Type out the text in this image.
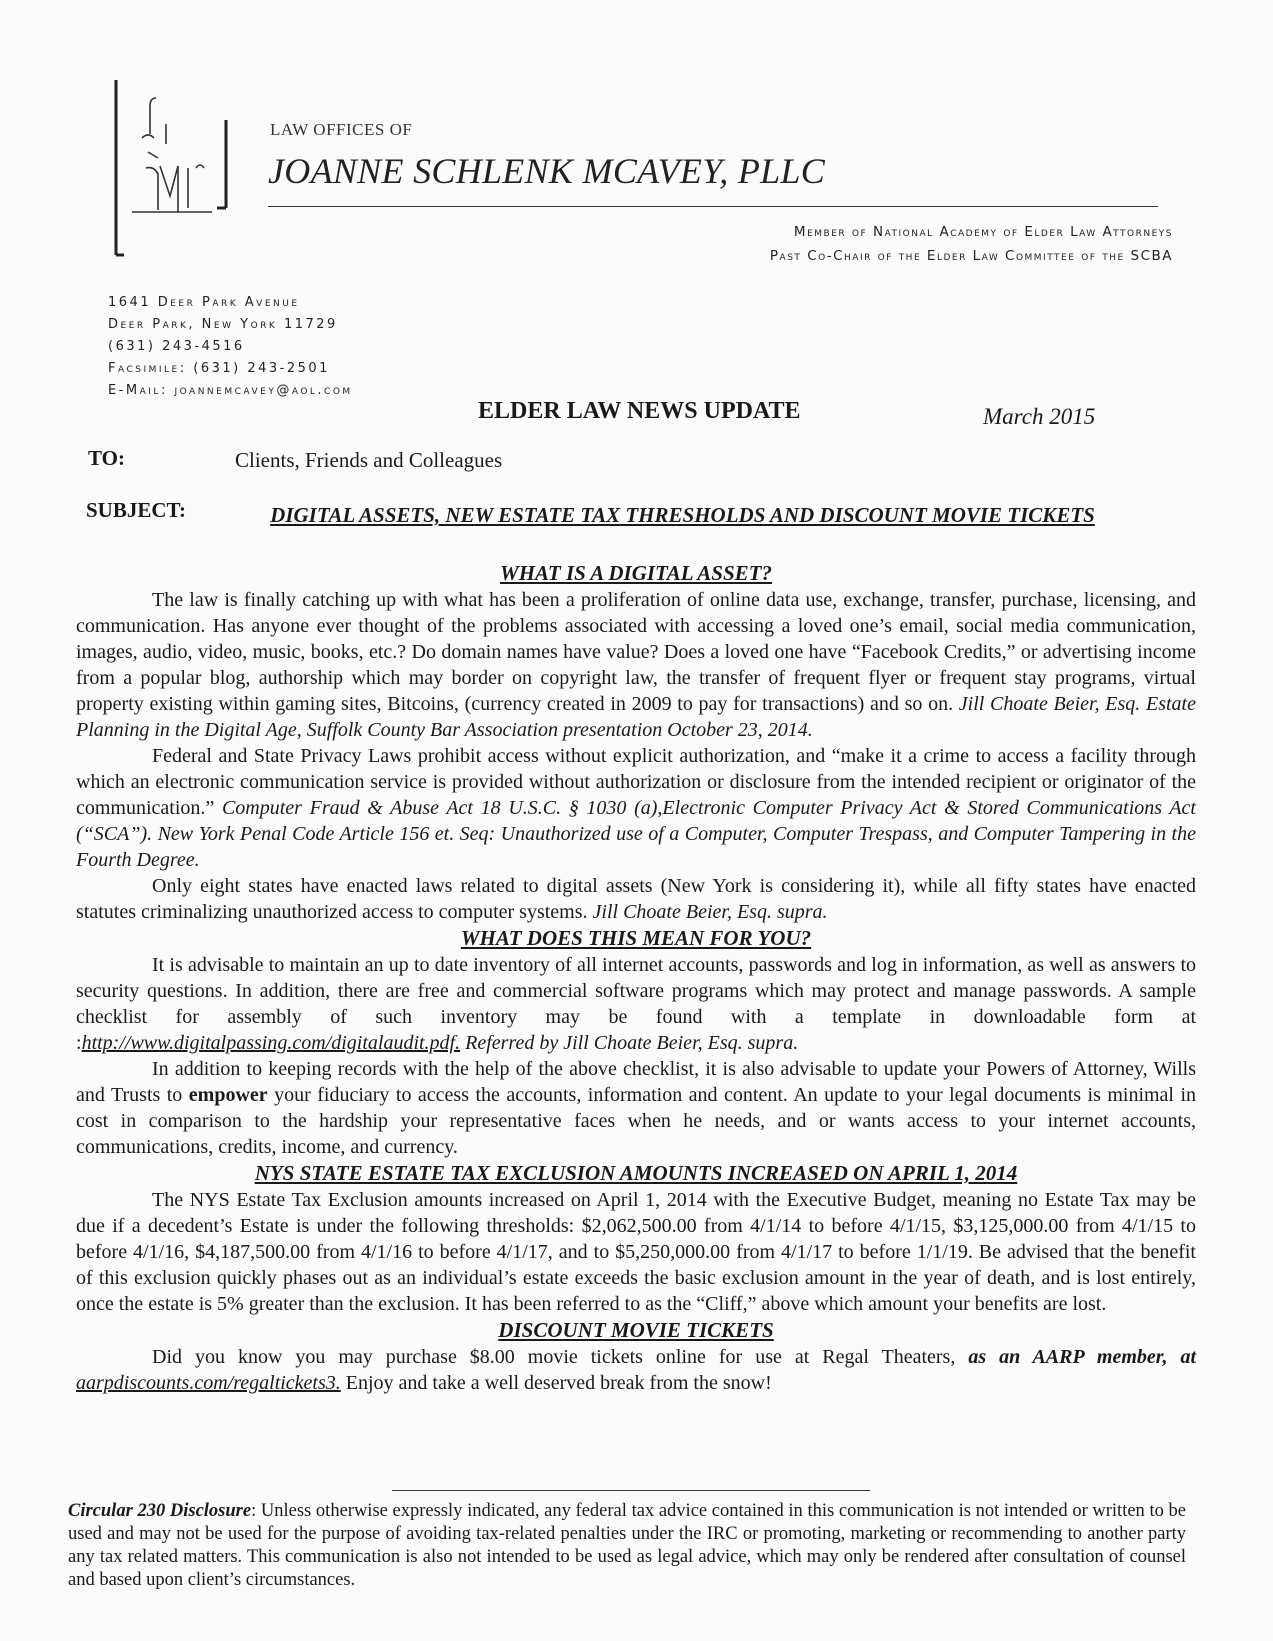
LAW OFFICES OF
JOANNE SCHLENK MCAVEY, PLLC
Member of National Academy of Elder Law Attorneys
Past Co-Chair of the Elder Law Committee of the SCBA
1641 Deer Park Avenue
Deer Park, New York 11729
(631) 243-4516
Facsimile: (631) 243-2501
E-Mail: joannemcavey@aol.com
ELDER LAW NEWS UPDATE	March 2015
TO:	Clients, Friends and Colleagues
SUBJECT:	DIGITAL ASSETS, NEW ESTATE TAX THRESHOLDS AND DISCOUNT MOVIE TICKETS
WHAT IS A DIGITAL ASSET?

The law is finally catching up with what has been a proliferation of online data use, exchange, transfer, purchase, licensing, and communication. Has anyone ever thought of the problems associated with accessing a loved one’s email, social media communication, images, audio, video, music, books, etc.? Do domain names have value? Does a loved one have “Facebook Credits,” or advertising income from a popular blog, authorship which may border on copyright law, the transfer of frequent flyer or frequent stay programs, virtual property existing within gaming sites, Bitcoins, (currency created in 2009 to pay for transactions) and so on. Jill Choate Beier, Esq. Estate Planning in the Digital Age, Suffolk County Bar Association presentation October 23, 2014.

Federal and State Privacy Laws prohibit access without explicit authorization, and “make it a crime to access a facility through which an electronic communication service is provided without authorization or disclosure from the intended recipient or originator of the communication.” Computer Fraud & Abuse Act 18 U.S.C. § 1030 (a),Electronic Computer Privacy Act & Stored Communications Act (“SCA”). New York Penal Code Article 156 et. Seq: Unauthorized use of a Computer, Computer Trespass, and Computer Tampering in the Fourth Degree.

Only eight states have enacted laws related to digital assets (New York is considering it), while all fifty states have enacted statutes criminalizing unauthorized access to computer systems. Jill Choate Beier, Esq. supra.

WHAT DOES THIS MEAN FOR YOU?

It is advisable to maintain an up to date inventory of all internet accounts, passwords and log in information, as well as answers to security questions. In addition, there are free and commercial software programs which may protect and manage passwords. A sample checklist for assembly of such inventory may be found with a template in downloadable form at :http://www.digitalpassing.com/digitalaudit.pdf. Referred by Jill Choate Beier, Esq. supra.

In addition to keeping records with the help of the above checklist, it is also advisable to update your Powers of Attorney, Wills and Trusts to empower your fiduciary to access the accounts, information and content. An update to your legal documents is minimal in cost in comparison to the hardship your representative faces when he needs, and or wants access to your internet accounts, communications, credits, income, and currency.

NYS STATE ESTATE TAX EXCLUSION AMOUNTS INCREASED ON APRIL 1, 2014

The NYS Estate Tax Exclusion amounts increased on April 1, 2014 with the Executive Budget, meaning no Estate Tax may be due if a decedent’s Estate is under the following thresholds: $2,062,500.00 from 4/1/14 to before 4/1/15, $3,125,000.00 from 4/1/15 to before 4/1/16, $4,187,500.00 from 4/1/16 to before 4/1/17, and to $5,250,000.00 from 4/1/17 to before 1/1/19. Be advised that the benefit of this exclusion quickly phases out as an individual’s estate exceeds the basic exclusion amount in the year of death, and is lost entirely, once the estate is 5% greater than the exclusion. It has been referred to as the “Cliff,” above which amount your benefits are lost.

DISCOUNT MOVIE TICKETS

Did you know you may purchase $8.00 movie tickets online for use at Regal Theaters, as an AARP member, at aarpdiscounts.com/regaltickets3. Enjoy and take a well deserved break from the snow!

Circular 230 Disclosure: Unless otherwise expressly indicated, any federal tax advice contained in this communication is not intended or written to be used and may not be used for the purpose of avoiding tax-related penalties under the IRC or promoting, marketing or recommending to another party any tax related matters. This communication is also not intended to be used as legal advice, which may only be rendered after consultation of counsel and based upon client’s circumstances.
